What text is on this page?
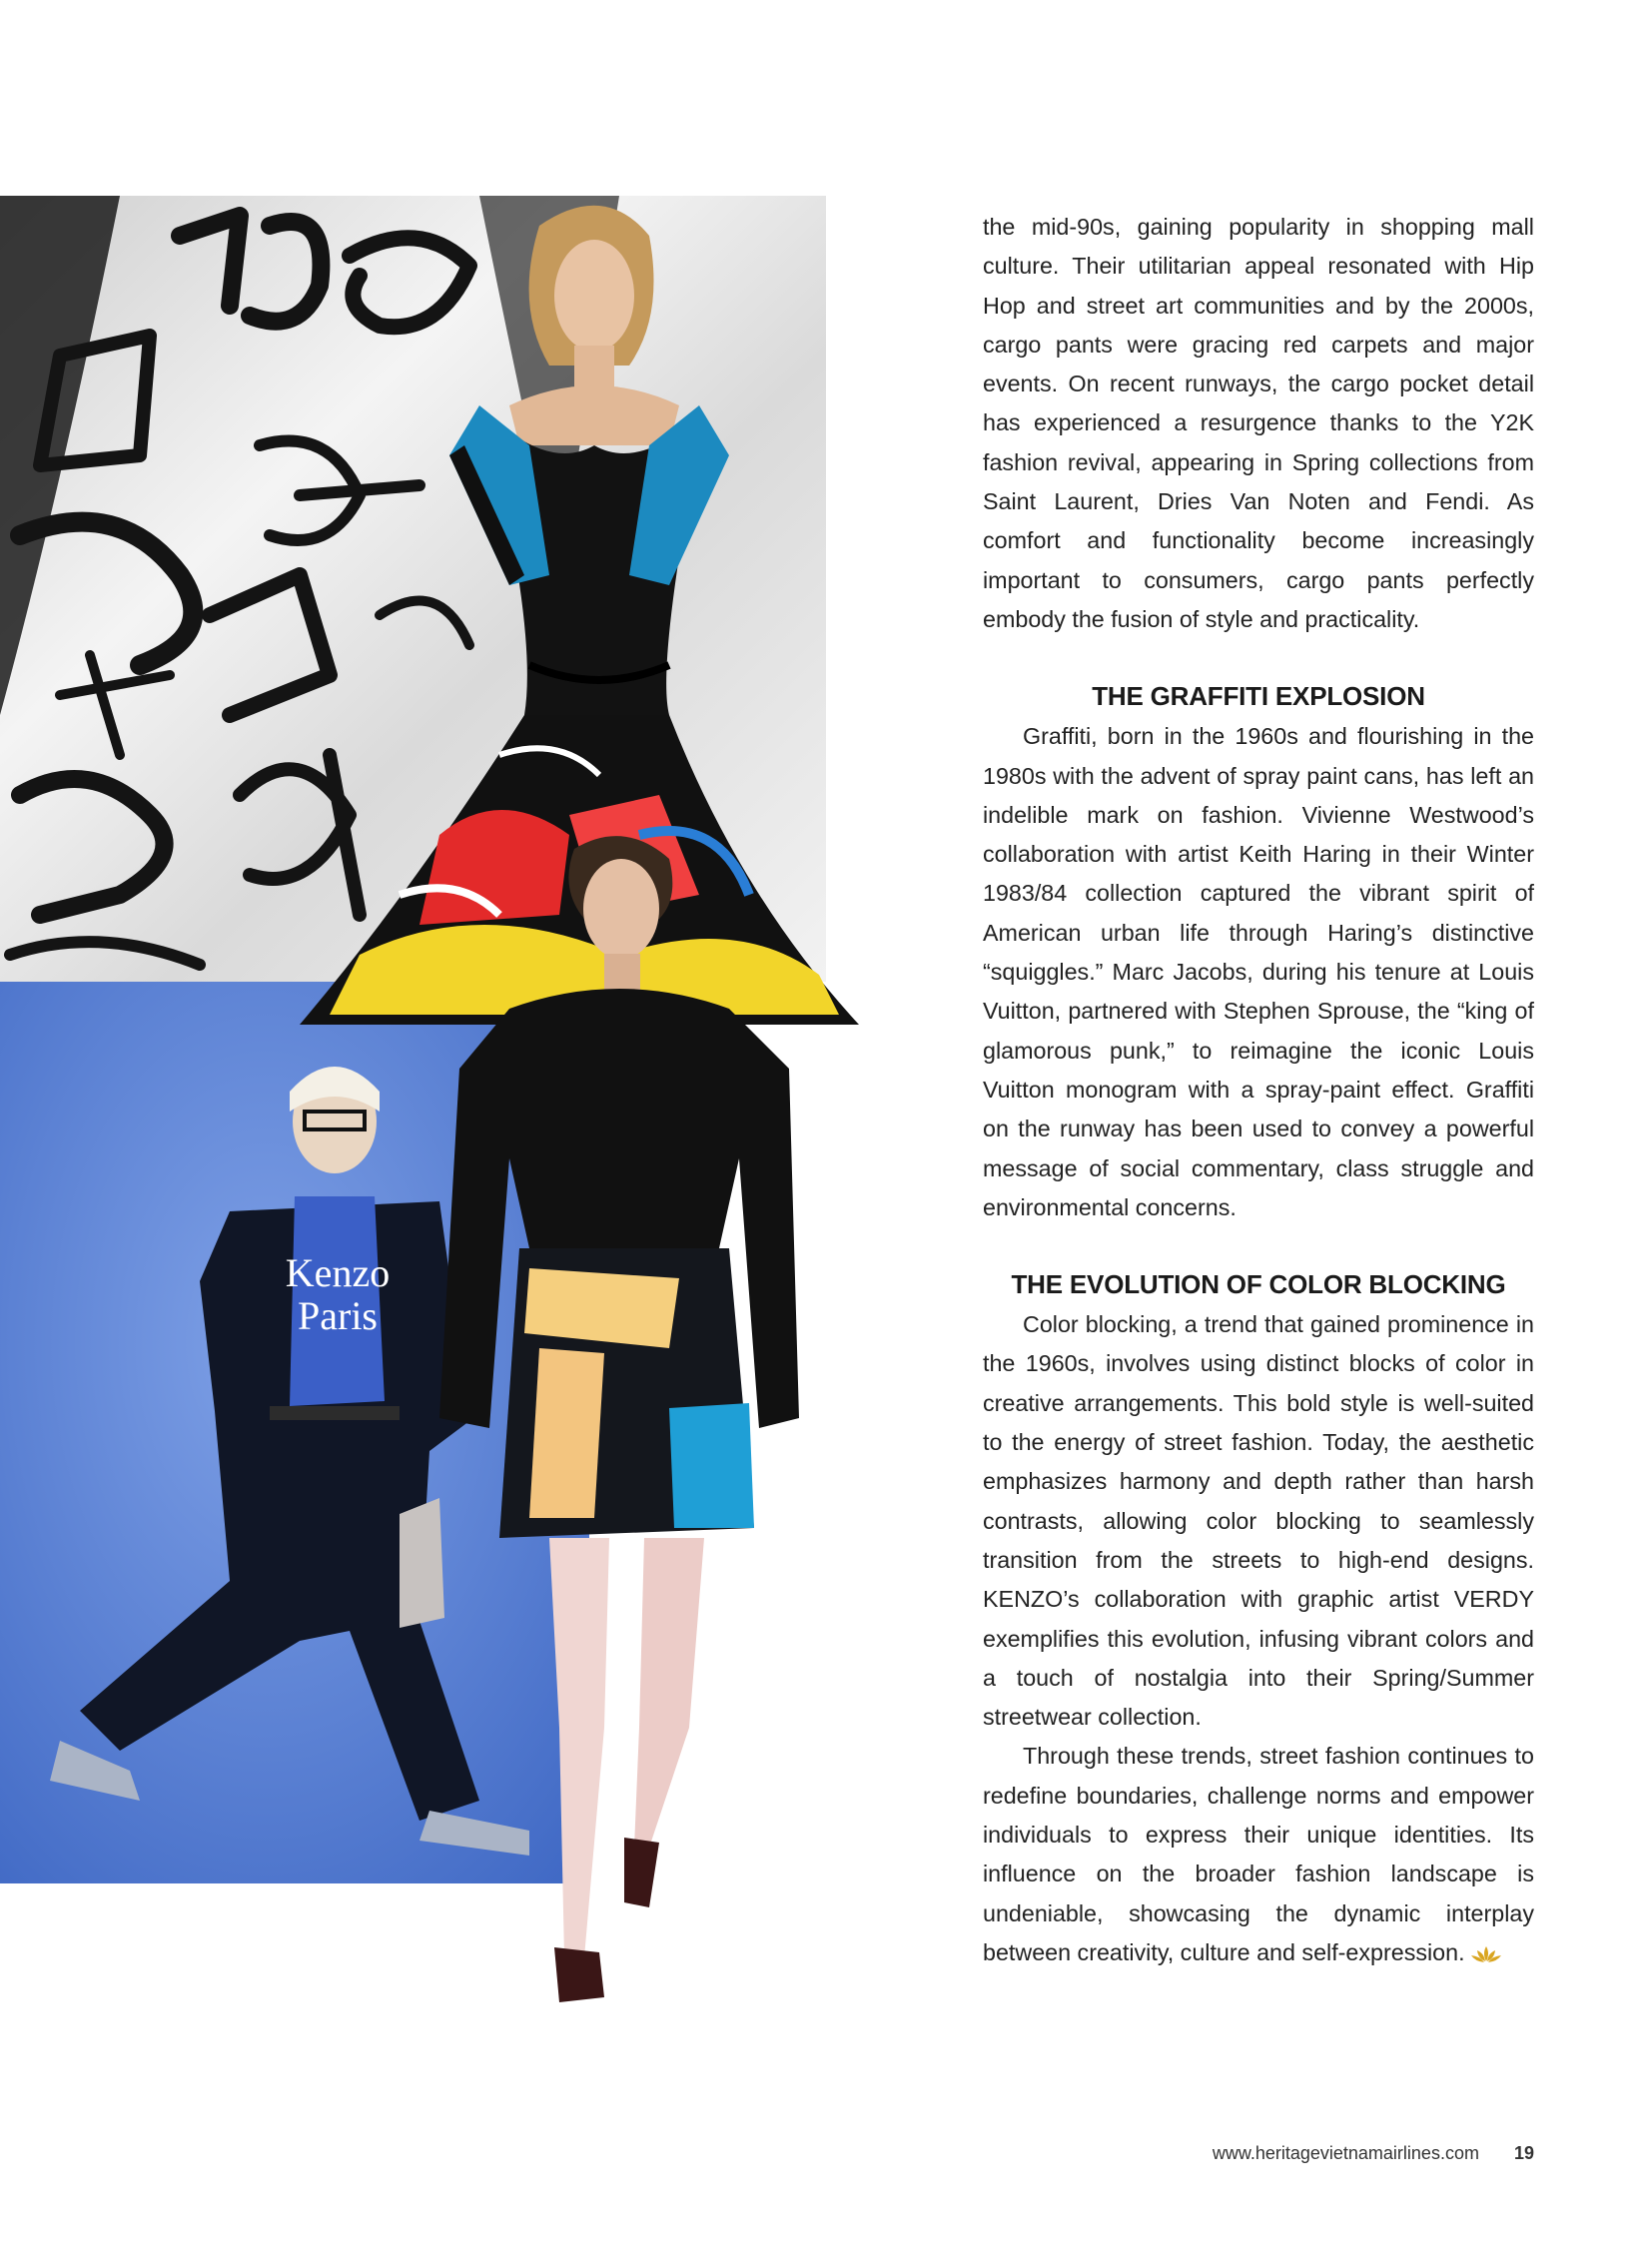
Kenzo
Paris

the mid-90s, gaining popularity in shopping mall culture. Their utilitarian appeal resonated with Hip Hop and street art communities and by the 2000s, cargo pants were gracing red carpets and major events. On recent runways, the cargo pocket detail has experienced a resurgence thanks to the Y2K fashion revival, appearing in Spring collections from Saint Laurent, Dries Van Noten and Fendi. As comfort and functionality become increasingly important to consumers, cargo pants perfectly embody the fusion of style and practicality.

THE GRAFFITI EXPLOSION

Graffiti, born in the 1960s and flourishing in the 1980s with the advent of spray paint cans, has left an indelible mark on fashion. Vivienne Westwood’s collaboration with artist Keith Haring in their Winter 1983/84 collection captured the vibrant spirit of American urban life through Haring’s distinctive “squiggles.” Marc Jacobs, during his tenure at Louis Vuitton, partnered with Stephen Sprouse, the “king of glamorous punk,” to reimagine the iconic Louis Vuitton monogram with a spray-paint effect. Graffiti on the runway has been used to convey a powerful message of social commentary, class struggle and environmental concerns.

THE EVOLUTION OF COLOR BLOCKING

Color blocking, a trend that gained prominence in the 1960s, involves using distinct blocks of color in creative arrangements. This bold style is well-suited to the energy of street fashion. Today, the aesthetic emphasizes harmony and depth rather than harsh contrasts, allowing color blocking to seamlessly transition from the streets to high-end designs. KENZO’s collaboration with graphic artist VERDY exemplifies this evolution, infusing vibrant colors and a touch of nostalgia into their Spring/Summer streetwear collection.

Through these trends, street fashion continues to redefine boundaries, challenge norms and empower individuals to express their unique identities. Its influence on the broader fashion landscape is undeniable, showcasing the dynamic interplay between creativity, culture and self-expression.

www.heritagevietnamairlines.com 19
